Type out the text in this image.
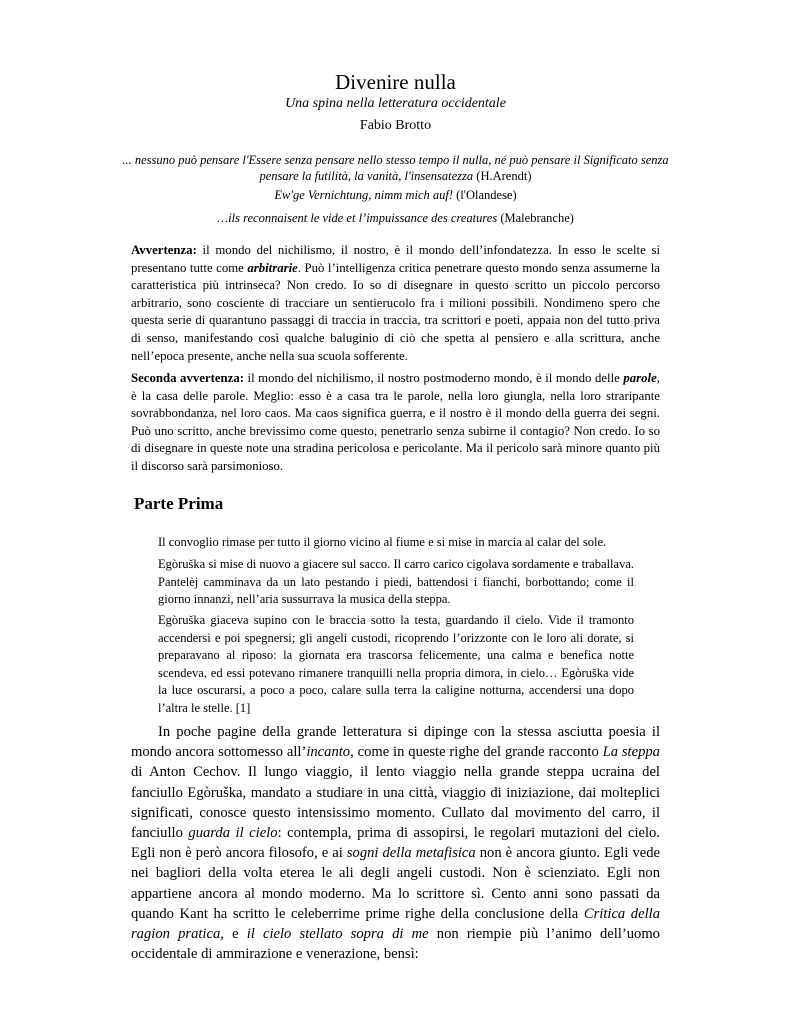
Divenire nulla
Una spina nella letteratura occidentale
Fabio Brotto
... nessuno può pensare l'Essere senza pensare nello stesso tempo il nulla, né può pensare il Significato senza pensare la futilità, la vanità, l'insensatezza (H.Arendt)
Ew'ge Vernichtung, nimm mich auf! (l'Olandese)
…ils reconnaisent le vide et l’impuissance des creatures (Malebranche)
Avvertenza: il mondo del nichilismo, il nostro, è il mondo dell’infondatezza. In esso le scelte si presentano tutte come arbitrarie. Può l’intelligenza critica penetrare questo mondo senza assumerne la caratteristica più intrinseca? Non credo. Io so di disegnare in questo scritto un piccolo percorso arbitrario, sono cosciente di tracciare un sentierucolo fra i milioni possibili. Nondimeno spero che questa serie di quarantuno passaggi di traccia in traccia, tra scrittori e poeti, appaia non del tutto priva di senso, manifestando così qualche baluginio di ciò che spetta al pensiero e alla scrittura, anche nell’epoca presente, anche nella sua scuola sofferente.
Seconda avvertenza: il mondo del nichilismo, il nostro postmoderno mondo, è il mondo delle parole, è la casa delle parole. Meglio: esso è a casa tra le parole, nella loro giungla, nella loro straripante sovrabbondanza, nel loro caos. Ma caos significa guerra, e il nostro è il mondo della guerra dei segni. Può uno scritto, anche brevissimo come questo, penetrarlo senza subirne il contagio? Non credo. Io so di disegnare in queste note una stradina pericolosa e pericolante. Ma il pericolo sarà minore quanto più il discorso sarà parsimonioso.
Parte Prima
Il convoglio rimase per tutto il giorno vicino al fiume e si mise in marcia al calar del sole.
Egòruška si mise di nuovo a giacere sul sacco. Il carro carico cigolava sordamente e traballava. Pantelèj camminava da un lato pestando i piedi, battendosi i fianchi, borbottando; come il giorno innanzi, nell’aria sussurrava la musica della steppa.
Egòruška giaceva supino con le braccia sotto la testa, guardando il cielo. Vide il tramonto accendersi e poi spegnersi; gli angeli custodi, ricoprendo l’orizzonte con le loro ali dorate, si preparavano al riposo: la giornata era trascorsa felicemente, una calma e benefica notte scendeva, ed essi potevano rimanere tranquilli nella propria dimora, in cielo… Egòruška vide la luce oscurarsi, a poco a poco, calare sulla terra la caligine notturna, accendersi una dopo l’altra le stelle. [1]
In poche pagine della grande letteratura si dipinge con la stessa asciutta poesia il mondo ancora sottomesso all’incanto, come in queste righe del grande racconto La steppa di Anton Cechov. Il lungo viaggio, il lento viaggio nella grande steppa ucraina del fanciullo Egòruška, mandato a studiare in una città, viaggio di iniziazione, dai molteplici significati, conosce questo intensissimo momento. Cullato dal movimento del carro, il fanciullo guarda il cielo: contempla, prima di assopirsi, le regolari mutazioni del cielo. Egli non è però ancora filosofo, e ai sogni della metafisica non è ancora giunto. Egli vede nei bagliori della volta eterea le ali degli angeli custodi. Non è scienziato. Egli non appartiene ancora al mondo moderno. Ma lo scrittore sì. Cento anni sono passati da quando Kant ha scritto le celeberrime prime righe della conclusione della Critica della ragion pratica, e il cielo stellato sopra di me non riempie più l’animo dell’uomo occidentale di ammirazione e venerazione, bensì:
